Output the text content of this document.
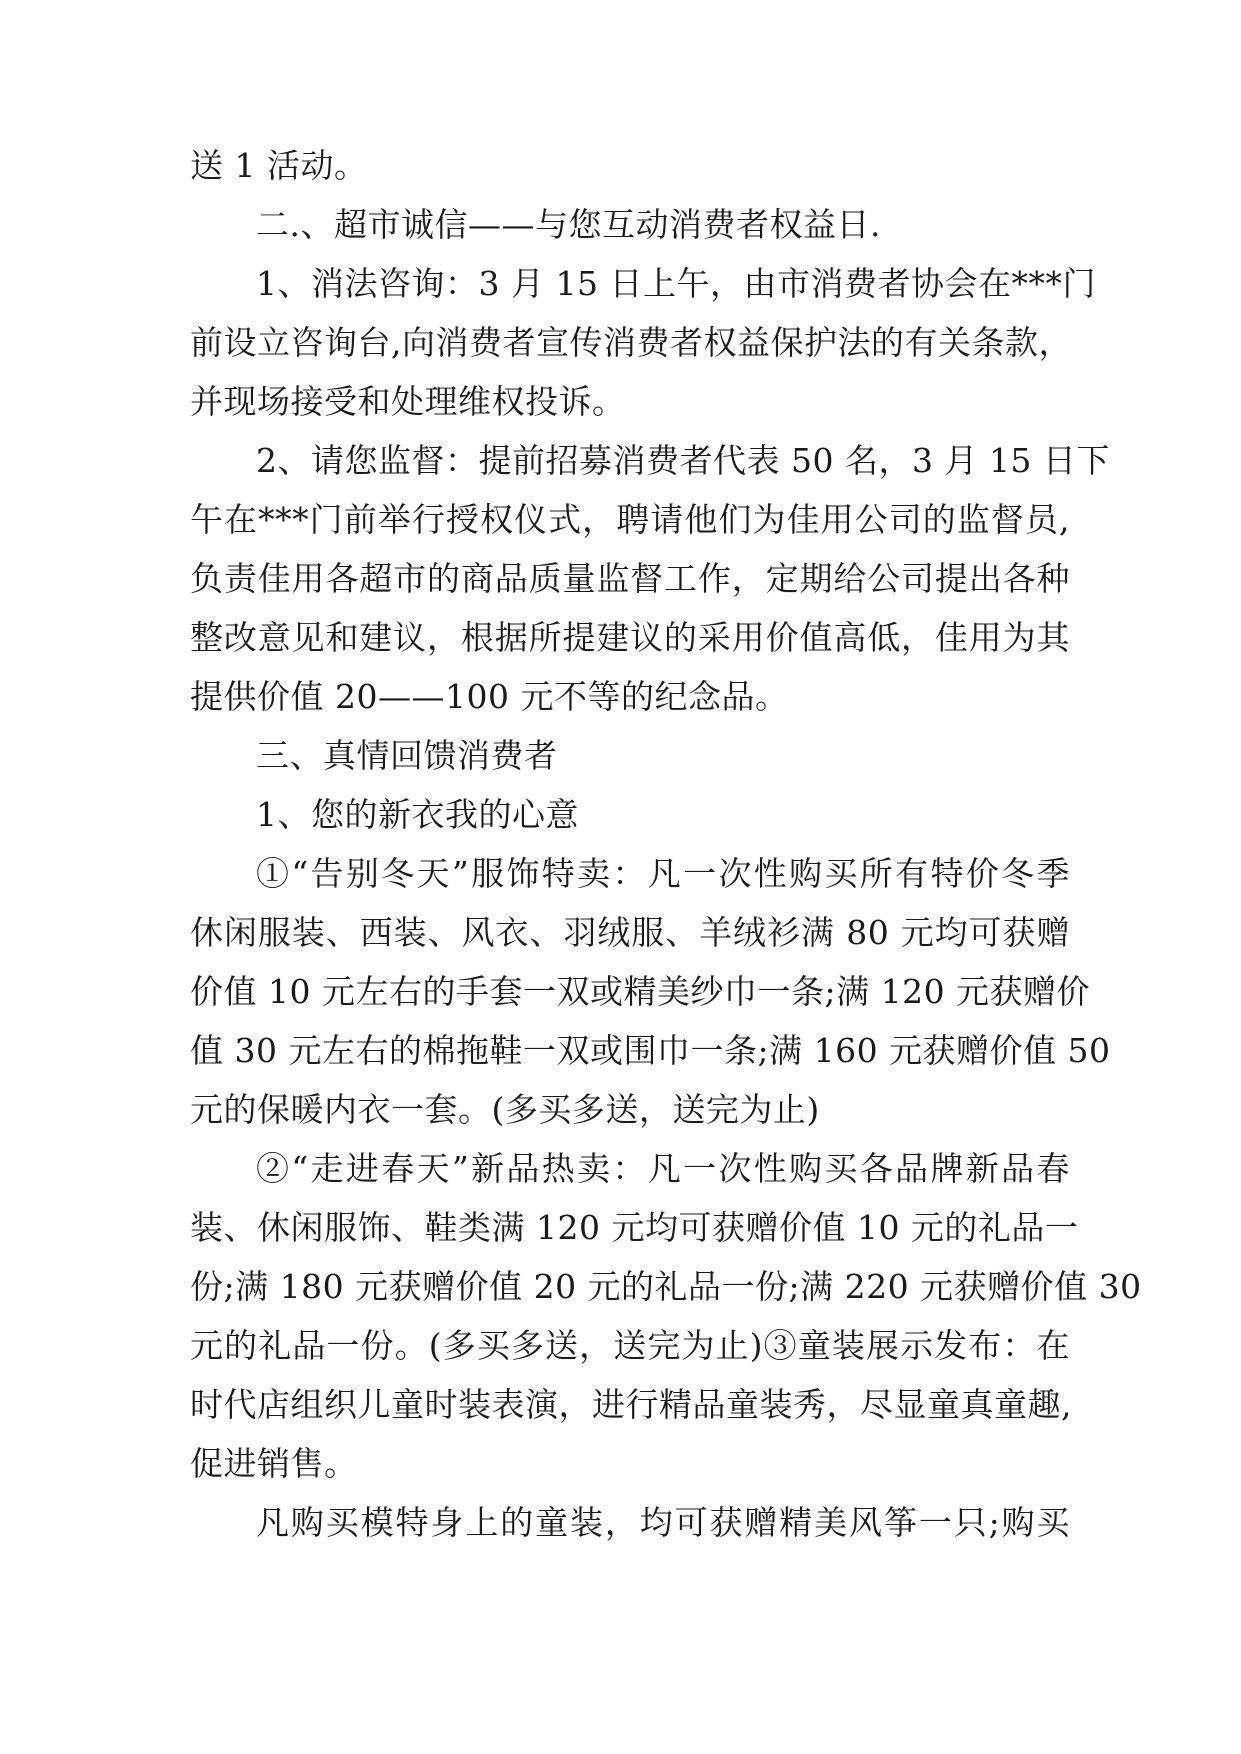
送 1 活动。
二.、超市诚信——与您互动消费者权益日.
1、消法咨询：3 月 15 日上午，由市消费者协会在***门
前设立咨询台,向消费者宣传消费者权益保护法的有关条款，
并现场接受和处理维权投诉。
2、请您监督：提前招募消费者代表 50 名，3 月 15 日下
午在***门前举行授权仪式，聘请他们为佳用公司的监督员,
负责佳用各超市的商品质量监督工作，定期给公司提出各种
整改意见和建议，根据所提建议的采用价值高低，佳用为其
提供价值 20——100 元不等的纪念品。
三、真情回馈消费者
1、您的新衣我的心意
①“告别冬天”服饰特卖：凡一次性购买所有特价冬季
休闲服装、西装、风衣、羽绒服、羊绒衫满 80 元均可获赠
价值 10 元左右的手套一双或精美纱巾一条;满 120 元获赠价
值 30 元左右的棉拖鞋一双或围巾一条;满 160 元获赠价值 50
元的保暖内衣一套。(多买多送，送完为止)
②“走进春天”新品热卖：凡一次性购买各品牌新品春
装、休闲服饰、鞋类满 120 元均可获赠价值 10 元的礼品一
份;满 180 元获赠价值 20 元的礼品一份;满 220 元获赠价值 30
元的礼品一份。(多买多送，送完为止)③童装展示发布：在
时代店组织儿童时装表演，进行精品童装秀，尽显童真童趣,
促进销售。
凡购买模特身上的童装，均可获赠精美风筝一只;购买
